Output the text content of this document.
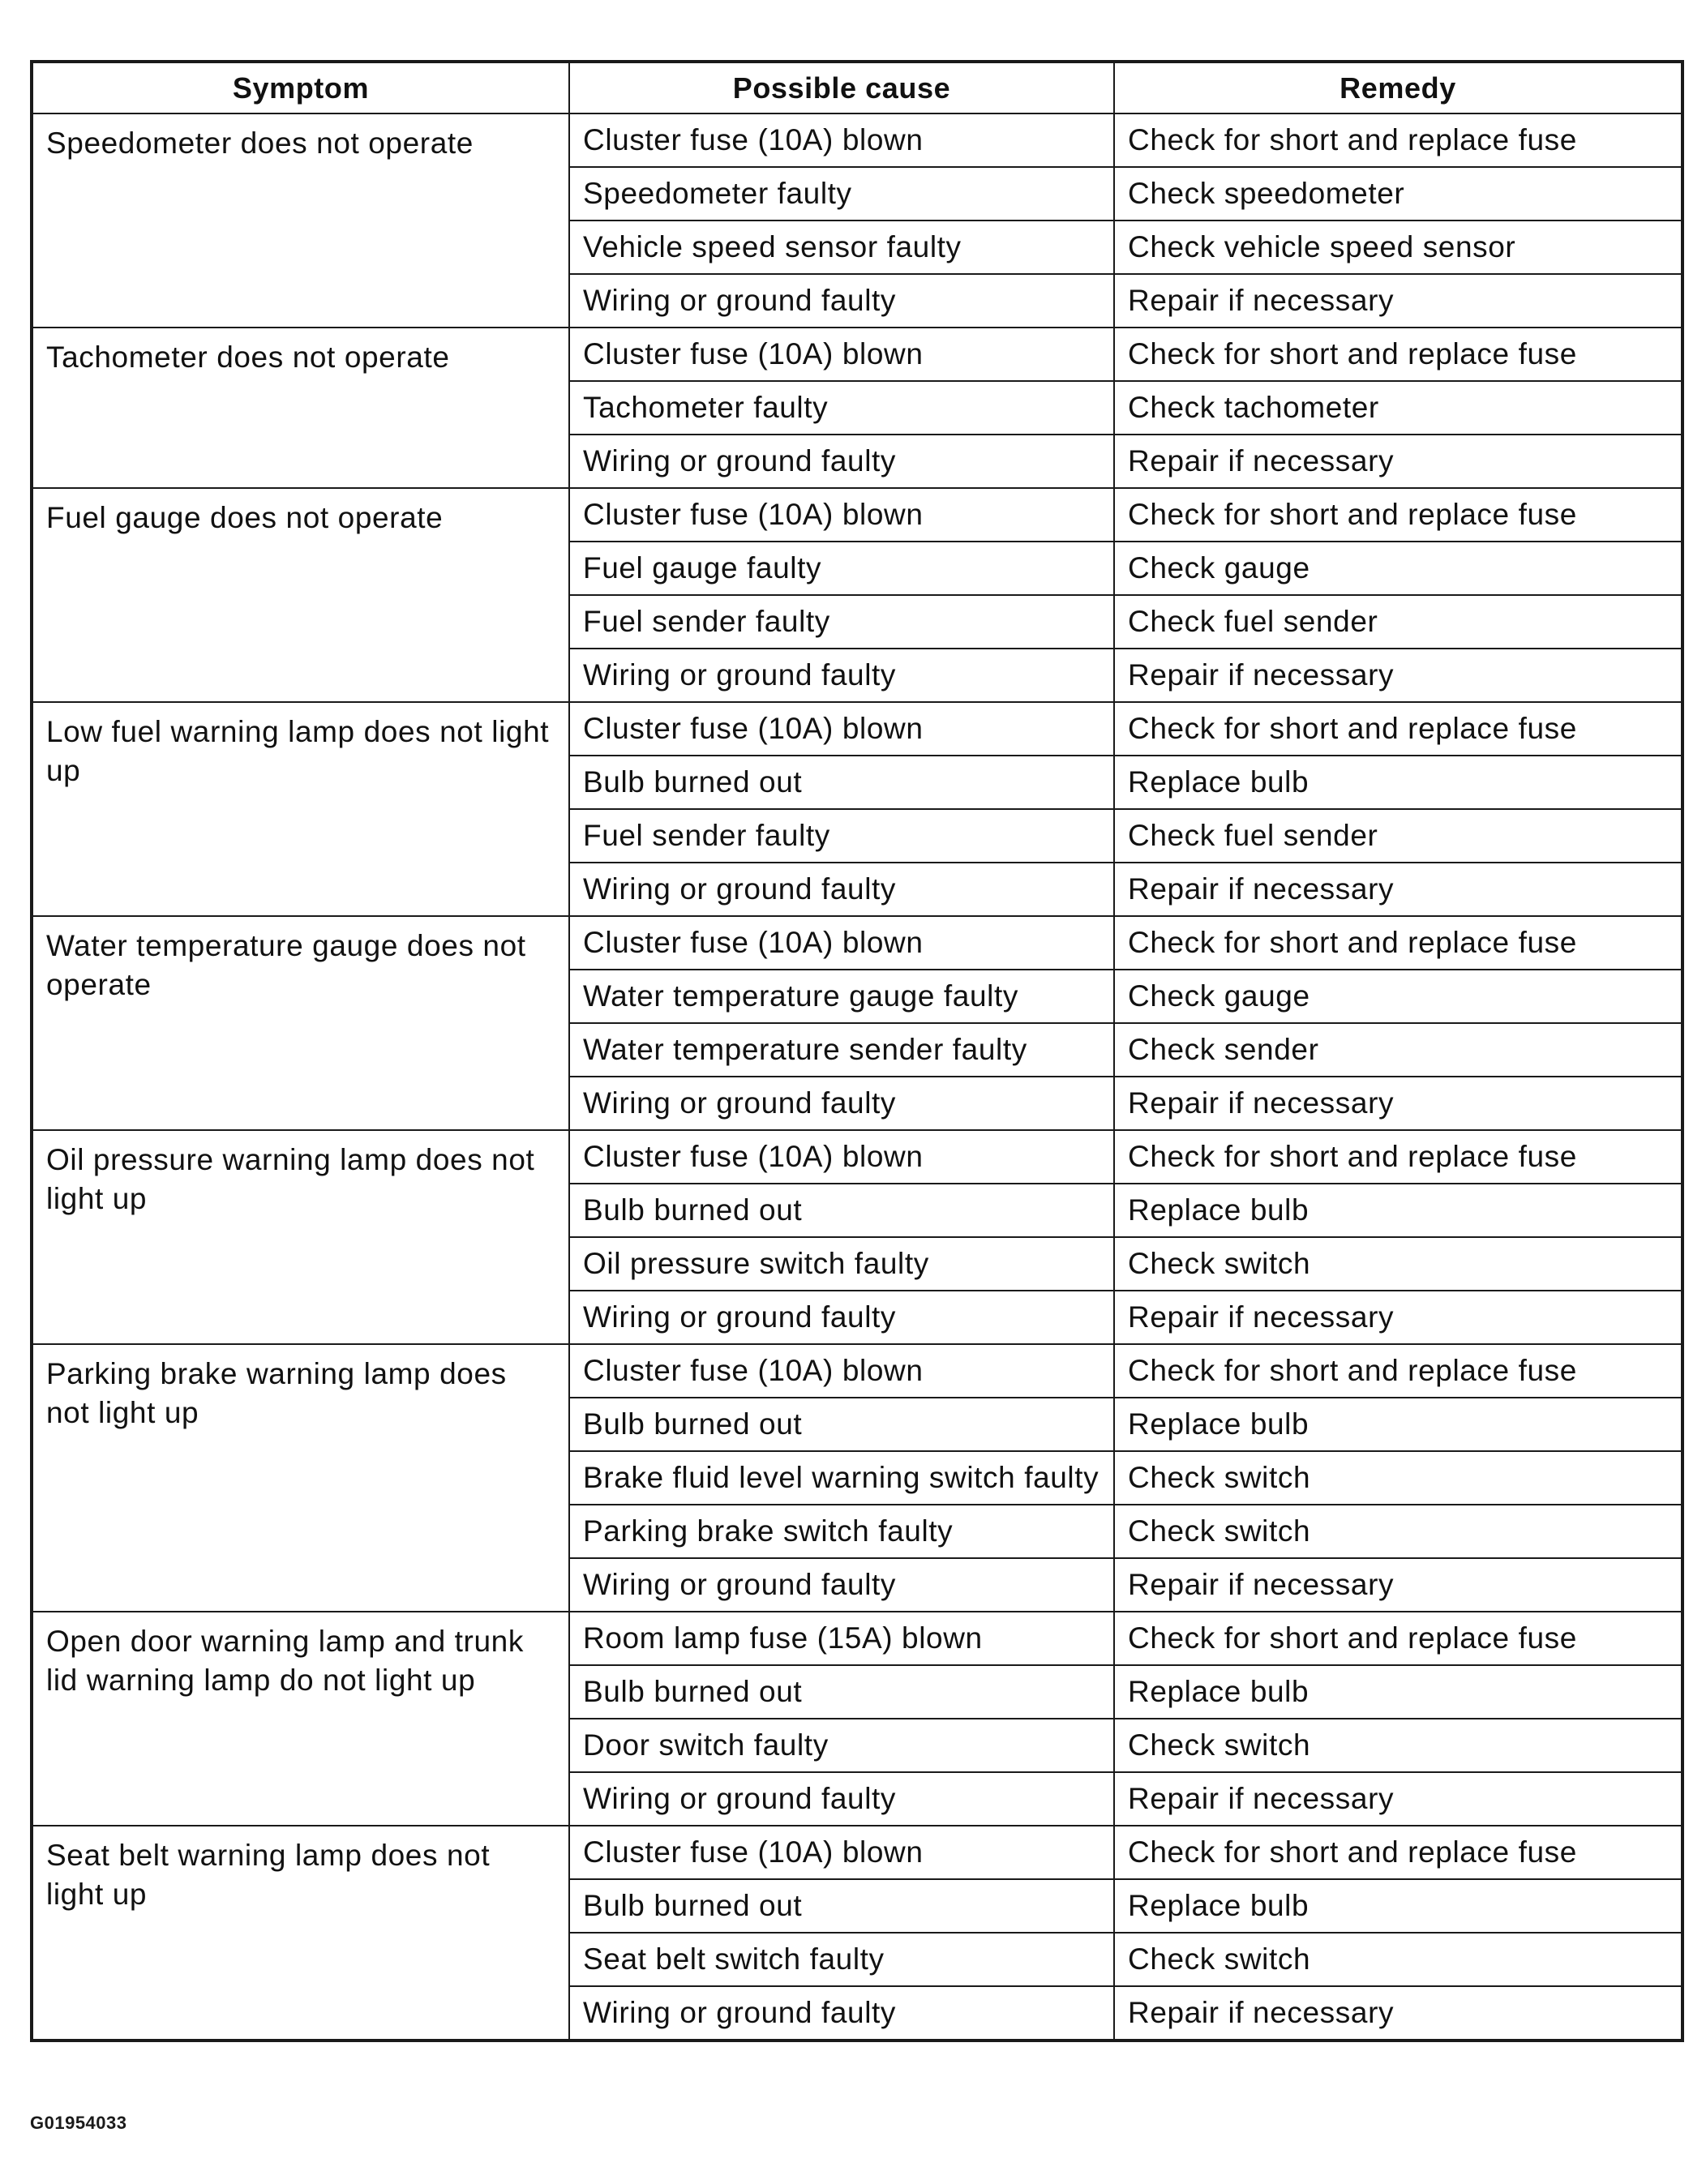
Symptom	Possible cause	Remedy
Speedometer does not operate	Cluster fuse (10A) blown	Check for short and replace fuse
	Speedometer faulty	Check speedometer
	Vehicle speed sensor faulty	Check vehicle speed sensor
	Wiring or ground faulty	Repair if necessary
Tachometer does not operate	Cluster fuse (10A) blown	Check for short and replace fuse
	Tachometer faulty	Check tachometer
	Wiring or ground faulty	Repair if necessary
Fuel gauge does not operate	Cluster fuse (10A) blown	Check for short and replace fuse
	Fuel gauge faulty	Check gauge
	Fuel sender faulty	Check fuel sender
	Wiring or ground faulty	Repair if necessary
Low fuel warning lamp does not light up	Cluster fuse (10A) blown	Check for short and replace fuse
	Bulb burned out	Replace bulb
	Fuel sender faulty	Check fuel sender
	Wiring or ground faulty	Repair if necessary
Water temperature gauge does not operate	Cluster fuse (10A) blown	Check for short and replace fuse
	Water temperature gauge faulty	Check gauge
	Water temperature sender faulty	Check sender
	Wiring or ground faulty	Repair if necessary
Oil pressure warning lamp does not light up	Cluster fuse (10A) blown	Check for short and replace fuse
	Bulb burned out	Replace bulb
	Oil pressure switch faulty	Check switch
	Wiring or ground faulty	Repair if necessary
Parking brake warning lamp does not light up	Cluster fuse (10A) blown	Check for short and replace fuse
	Bulb burned out	Replace bulb
	Brake fluid level warning switch faulty	Check switch
	Parking brake switch faulty	Check switch
	Wiring or ground faulty	Repair if necessary
Open door warning lamp and trunk lid warning lamp do not light up	Room lamp fuse (15A) blown	Check for short and replace fuse
	Bulb burned out	Replace bulb
	Door switch faulty	Check switch
	Wiring or ground faulty	Repair if necessary
Seat belt warning lamp does not light up	Cluster fuse (10A) blown	Check for short and replace fuse
	Bulb burned out	Replace bulb
	Seat belt switch faulty	Check switch
	Wiring or ground faulty	Repair if necessary
G01954033
